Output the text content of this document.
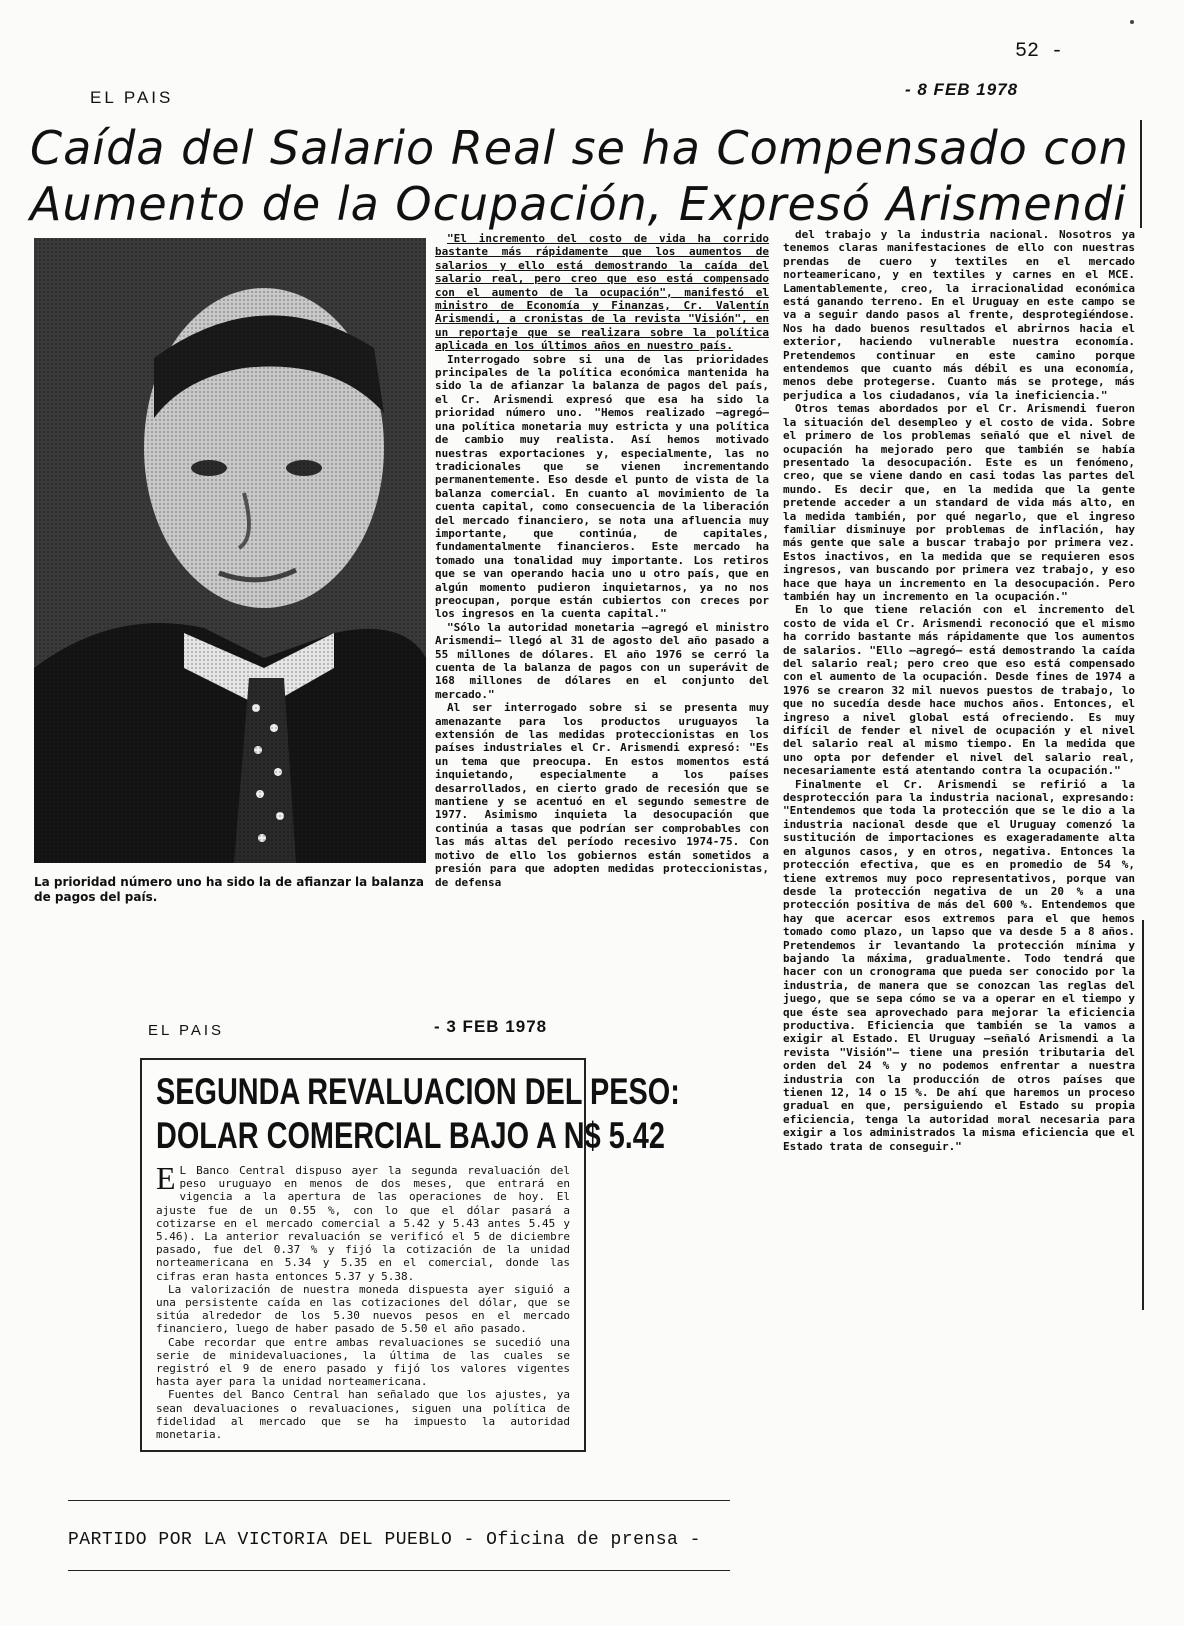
52 -
EL PAIS	- 8 FEB 1978
Caída del Salario Real se ha Compensado con
Aumento de la Ocupación, Expresó Arismendi
La prioridad número uno ha sido la de afianzar la balanza de pagos del país.

"El incremento del costo de vida ha corrido bastante más rápidamente que los aumentos de salarios y ello está demostrando la caída del salario real, pero creo que eso está compensado con el aumento de la ocupación", manifestó el ministro de Economía y Finanzas, Cr. Valentín Arismendi, a cronistas de la revista "Visión", en un reportaje que se realizara sobre la política aplicada en los últimos años en nuestro país.

Interrogado sobre si una de las prioridades principales de la política económica mantenida ha sido la de afianzar la balanza de pagos del país, el Cr. Arismendi expresó que esa ha sido la prioridad número uno. "Hemos realizado —agregó— una política monetaria muy estricta y una política de cambio muy realista. Así hemos motivado nuestras exportaciones y, especialmente, las no tradicionales que se vienen incrementando permanentemente. Eso desde el punto de vista de la balanza comercial. En cuanto al movimiento de la cuenta capital, como consecuencia de la liberación del mercado financiero, se nota una afluencia muy importante, que continúa, de capitales, fundamentalmente financieros. Este mercado ha tomado una tonalidad muy importante. Los retiros que se van operando hacia uno u otro país, que en algún momento pudieron inquietarnos, ya no nos preocupan, porque están cubiertos con creces por los ingresos en la cuenta capital."

"Sólo la autoridad monetaria —agregó el ministro Arismendi— llegó al 31 de agosto del año pasado a 55 millones de dólares. El año 1976 se cerró la cuenta de la balanza de pagos con un superávit de 168 millones de dólares en el conjunto del mercado."

Al ser interrogado sobre si se presenta muy amenazante para los productos uruguayos la extensión de las medidas proteccionistas en los países industriales el Cr. Arismendi expresó: "Es un tema que preocupa. En estos momentos está inquietando, especialmente a los países desarrollados, en cierto grado de recesión que se mantiene y se acentuó en el segundo semestre de 1977. Asimismo inquieta la desocupación que continúa a tasas que podrían ser comprobables con las más altas del período recesivo 1974-75. Con motivo de ello los gobiernos están sometidos a presión para que adopten medidas proteccionistas, de defensa

del trabajo y la industria nacional. Nosotros ya tenemos claras manifestaciones de ello con nuestras prendas de cuero y textiles en el mercado norteamericano, y en textiles y carnes en el MCE. Lamentablemente, creo, la irracionalidad económica está ganando terreno. En el Uruguay en este campo se va a seguir dando pasos al frente, desprotegiéndose. Nos ha dado buenos resultados el abrirnos hacia el exterior, haciendo vulnerable nuestra economía. Pretendemos continuar en este camino porque entendemos que cuanto más débil es una economía, menos debe protegerse. Cuanto más se protege, más perjudica a los ciudadanos, vía la ineficiencia."

Otros temas abordados por el Cr. Arismendi fueron la situación del desempleo y el costo de vida. Sobre el primero de los problemas señaló que el nivel de ocupación ha mejorado pero que también se había presentado la desocupación. Este es un fenómeno, creo, que se viene dando en casi todas las partes del mundo. Es decir que, en la medida que la gente pretende acceder a un standard de vida más alto, en la medida también, por qué negarlo, que el ingreso familiar disminuye por problemas de inflación, hay más gente que sale a buscar trabajo por primera vez. Estos inactivos, en la medida que se requieren esos ingresos, van buscando por primera vez trabajo, y eso hace que haya un incremento en la desocupación. Pero también hay un incremento en la ocupación."

En lo que tiene relación con el incremento del costo de vida el Cr. Arismendi reconoció que el mismo ha corrido bastante más rápidamente que los aumentos de salarios. "Ello —agregó— está demostrando la caída del salario real; pero creo que eso está compensado con el aumento de la ocupación. Desde fines de 1974 a 1976 se crearon 32 mil nuevos puestos de trabajo, lo que no sucedía desde hace muchos años. Entonces, el ingreso a nivel global está ofreciendo. Es muy difícil de fender el nivel de ocupación y el nivel del salario real al mismo tiempo. En la medida que uno opta por defender el nivel del salario real, necesariamente está atentando contra la ocupación."

Finalmente el Cr. Arismendi se refirió a la desprotección para la industria nacional, expresando: "Entendemos que toda la protección que se le dio a la industria nacional desde que el Uruguay comenzó la sustitución de importaciones es exageradamente alta en algunos casos, y en otros, negativa. Entonces la protección efectiva, que es en promedio de 54 %, tiene extremos muy poco representativos, porque van desde la protección negativa de un 20 % a una protección positiva de más del 600 %. Entendemos que hay que acercar esos extremos para el que hemos tomado como plazo, un lapso que va desde 5 a 8 años. Pretendemos ir levantando la protección mínima y bajando la máxima, gradualmente. Todo tendrá que hacer con un cronograma que pueda ser conocido por la industria, de manera que se conozcan las reglas del juego, que se sepa cómo se va a operar en el tiempo y que éste sea aprovechado para mejorar la eficiencia productiva. Eficiencia que también se la vamos a exigir al Estado. El Uruguay —señaló Arismendi a la revista "Visión"— tiene una presión tributaria del orden del 24 % y no podemos enfrentar a nuestra industria con la producción de otros países que tienen 12, 14 o 15 %. De ahí que haremos un proceso gradual en que, persiguiendo el Estado su propia eficiencia, tenga la autoridad moral necesaria para exigir a los administrados la misma eficiencia que el Estado trata de conseguir."

EL PAIS	- 3 FEB 1978
SEGUNDA REVALUACION DEL PESO:
DOLAR COMERCIAL BAJO A N$ 5.42

E L Banco Central dispuso ayer la segunda revaluación del peso uruguayo en menos de dos meses, que entrará en vigencia a la apertura de las operaciones de hoy. El ajuste fue de un 0.55 %, con lo que el dólar pasará a cotizarse en el mercado comercial a 5.42 y 5.43 antes 5.45 y 5.46). La anterior revaluación se verificó el 5 de diciembre pasado, fue del 0.37 % y fijó la cotización de la unidad norteamericana en 5.34 y 5.35 en el comercial, donde las cifras eran hasta entonces 5.37 y 5.38.

La valorización de nuestra moneda dispuesta ayer siguió a una persistente caída en las cotizaciones del dólar, que se sitúa alrededor de los 5.30 nuevos pesos en el mercado financiero, luego de haber pasado de 5.50 el año pasado.

Cabe recordar que entre ambas revaluaciones se sucedió una serie de minidevaluaciones, la última de las cuales se registró el 9 de enero pasado y fijó los valores vigentes hasta ayer para la unidad norteamericana.

Fuentes del Banco Central han señalado que los ajustes, ya sean devaluaciones o revaluaciones, siguen una política de fidelidad al mercado que se ha impuesto la autoridad monetaria.

PARTIDO POR LA VICTORIA DEL PUEBLO - Oficina de prensa -
